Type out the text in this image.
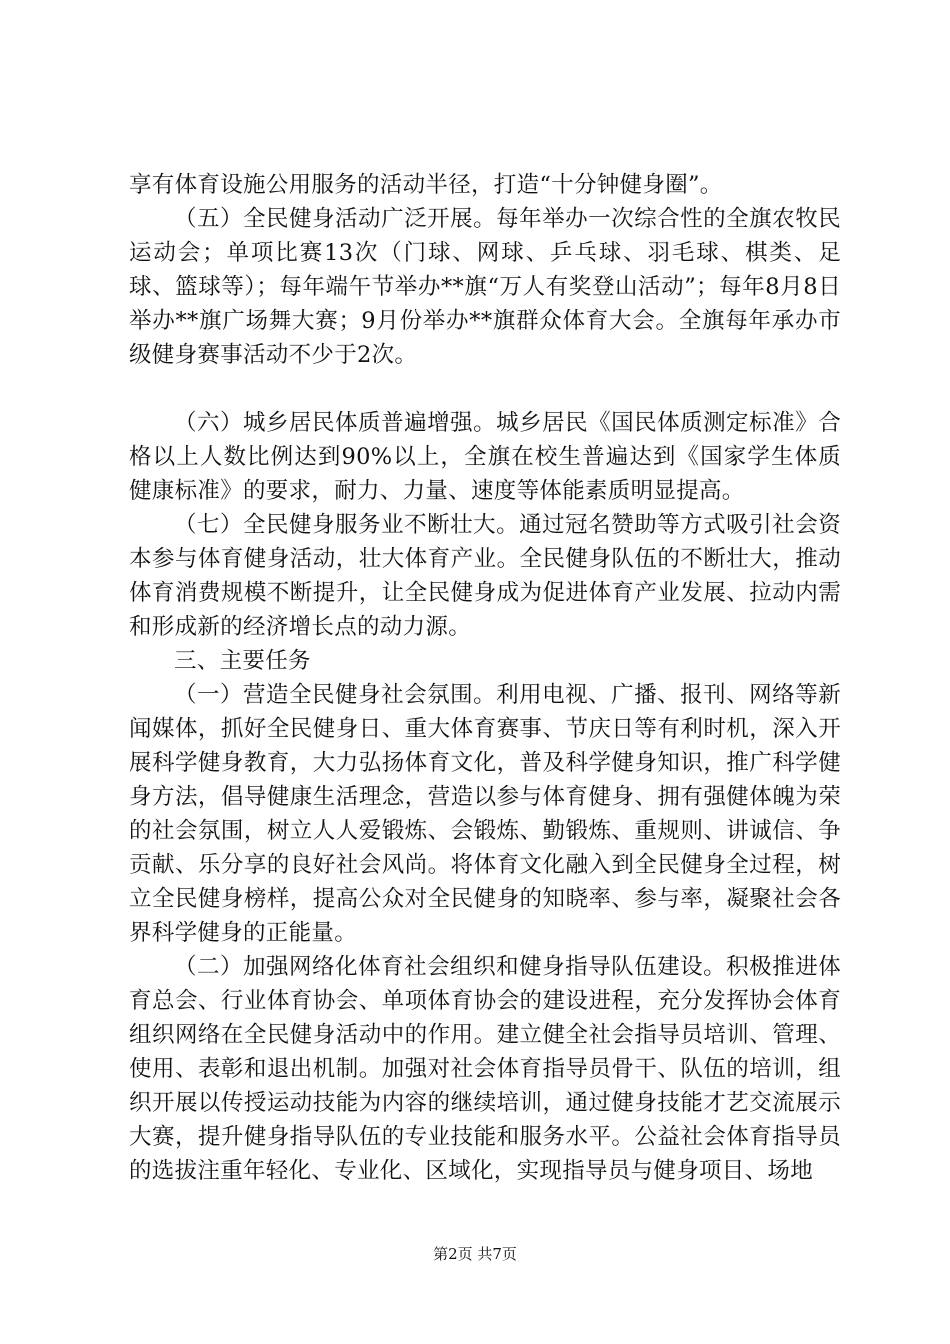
享有体育设施公用服务的活动半径，打造“十分钟健身圈”。

（五）全民健身活动广泛开展。每年举办一次综合性的全旗农牧民运动会；单项比赛13次（门球、网球、乒乓球、羽毛球、棋类、足球、篮球等）；每年端午节举办**旗“万人有奖登山活动”；每年8月8日举办**旗广场舞大赛；9月份举办**旗群众体育大会。全旗每年承办市级健身赛事活动不少于2次。

（六）城乡居民体质普遍增强。城乡居民《国民体质测定标准》合格以上人数比例达到90%以上，全旗在校生普遍达到《国家学生体质健康标准》的要求，耐力、力量、速度等体能素质明显提高。

（七）全民健身服务业不断壮大。通过冠名赞助等方式吸引社会资本参与体育健身活动，壮大体育产业。全民健身队伍的不断壮大，推动体育消费规模不断提升，让全民健身成为促进体育产业发展、拉动内需和形成新的经济增长点的动力源。

三、主要任务

（一）营造全民健身社会氛围。利用电视、广播、报刊、网络等新闻媒体，抓好全民健身日、重大体育赛事、节庆日等有利时机，深入开展科学健身教育，大力弘扬体育文化，普及科学健身知识，推广科学健身方法，倡导健康生活理念，营造以参与体育健身、拥有强健体魄为荣的社会氛围，树立人人爱锻炼、会锻炼、勤锻炼、重规则、讲诚信、争贡献、乐分享的良好社会风尚。将体育文化融入到全民健身全过程，树立全民健身榜样，提高公众对全民健身的知晓率、参与率，凝聚社会各界科学健身的正能量。

（二）加强网络化体育社会组织和健身指导队伍建设。积极推进体育总会、行业体育协会、单项体育协会的建设进程，充分发挥协会体育组织网络在全民健身活动中的作用。建立健全社会指导员培训、管理、使用、表彰和退出机制。加强对社会体育指导员骨干、队伍的培训，组织开展以传授运动技能为内容的继续培训，通过健身技能才艺交流展示大赛，提升健身指导队伍的专业技能和服务水平。公益社会体育指导员的选拔注重年轻化、专业化、区域化，实现指导员与健身项目、场地

第2页 共7页
